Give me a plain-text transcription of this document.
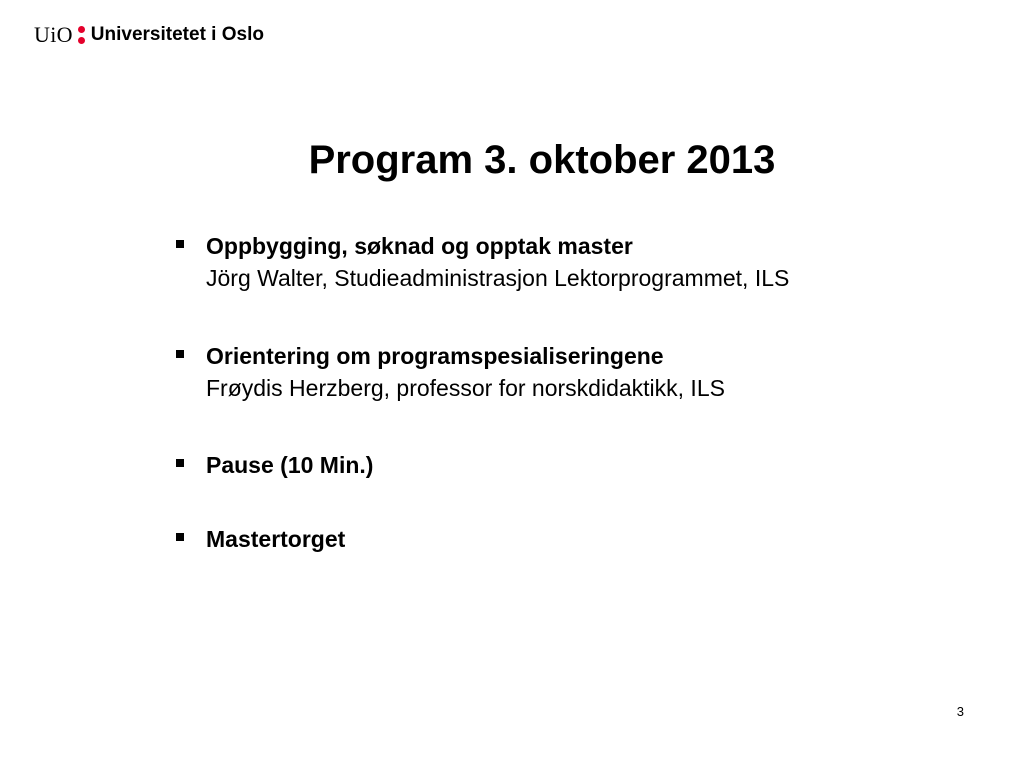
UiO Universitetet i Oslo
Program 3. oktober 2013
Oppbygging, søknad og opptak master
Jörg Walter, Studieadministrasjon Lektorprogrammet, ILS
Orientering om programspesialiseringene
Frøydis Herzberg, professor for norskdidaktikk, ILS
Pause (10 Min.)
Mastertorget
3
